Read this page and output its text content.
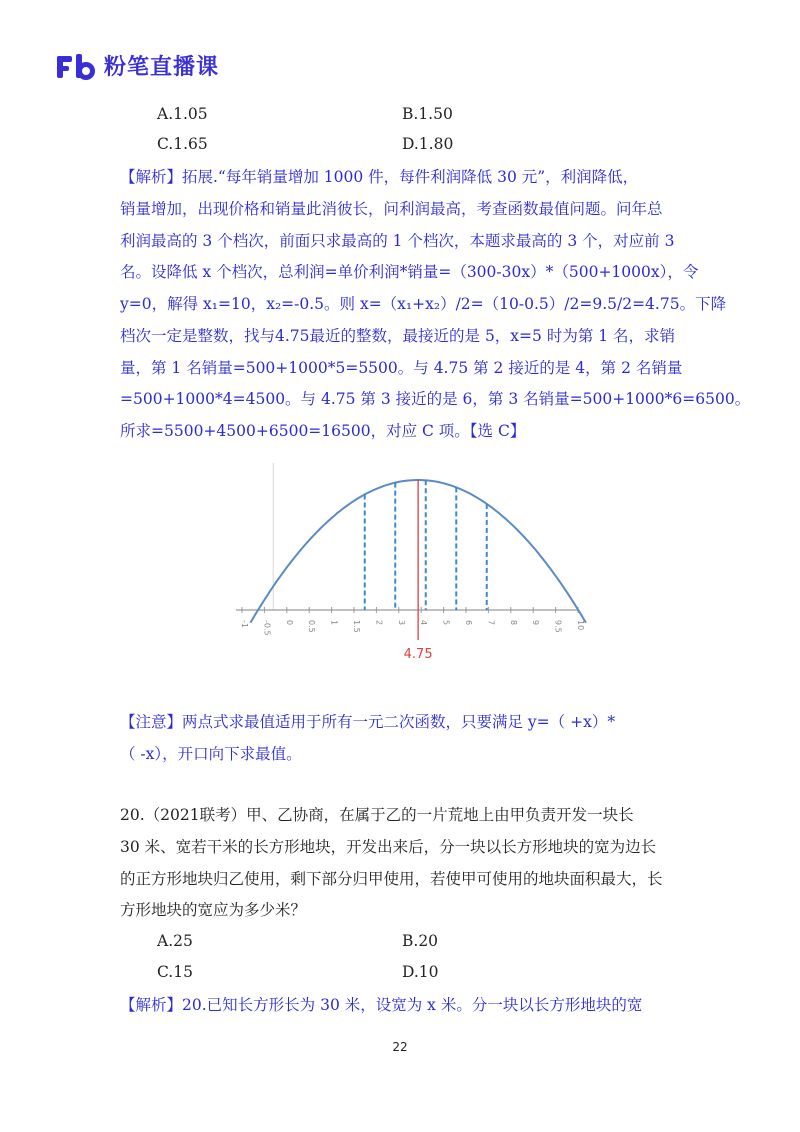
粉笔直播课
A.1.05	B.1.50
C.1.65	D.1.80
【解析】拓展.“每年销量增加 1000 件，每件利润降低 30 元”，利润降低，
销量增加，出现价格和销量此消彼长，问利润最高，考查函数最值问题。问年总
利润最高的 3 个档次，前面只求最高的 1 个档次，本题求最高的 3 个，对应前 3
名。设降低 x 个档次，总利润=单价利润*销量=（300-30x）*（500+1000x），令
y=0，解得 x₁=10，x₂=-0.5。则 x=（x₁+x₂）/2=（10-0.5）/2=9.5/2=4.75。下降
档次一定是整数，找与4.75最近的整数，最接近的是 5，x=5 时为第 1 名，求销
量，第 1 名销量=500+1000*5=5500。与 4.75 第 2 接近的是 4，第 2 名销量
=500+1000*4=4500。与 4.75 第 3 接近的是 6，第 3 名销量=500+1000*6=6500。
所求=5500+4500+6500=16500，对应 C 项。【选 C】
-1 -0.5 0 0.5 1 1.5 2 3 4 5 6 7 8 9 9.5 10
4.75
【注意】两点式求最值适用于所有一元二次函数，只要满足 y=（ +x）*
（ -x），开口向下求最值。
20.（2021联考）甲、乙协商，在属于乙的一片荒地上由甲负责开发一块长
30 米、宽若干米的长方形地块，开发出来后，分一块以长方形地块的宽为边长
的正方形地块归乙使用，剩下部分归甲使用，若使甲可使用的地块面积最大，长
方形地块的宽应为多少米？
A.25	B.20
C.15	D.10
【解析】20.已知长方形长为 30 米，设宽为 x 米。分一块以长方形地块的宽
22
